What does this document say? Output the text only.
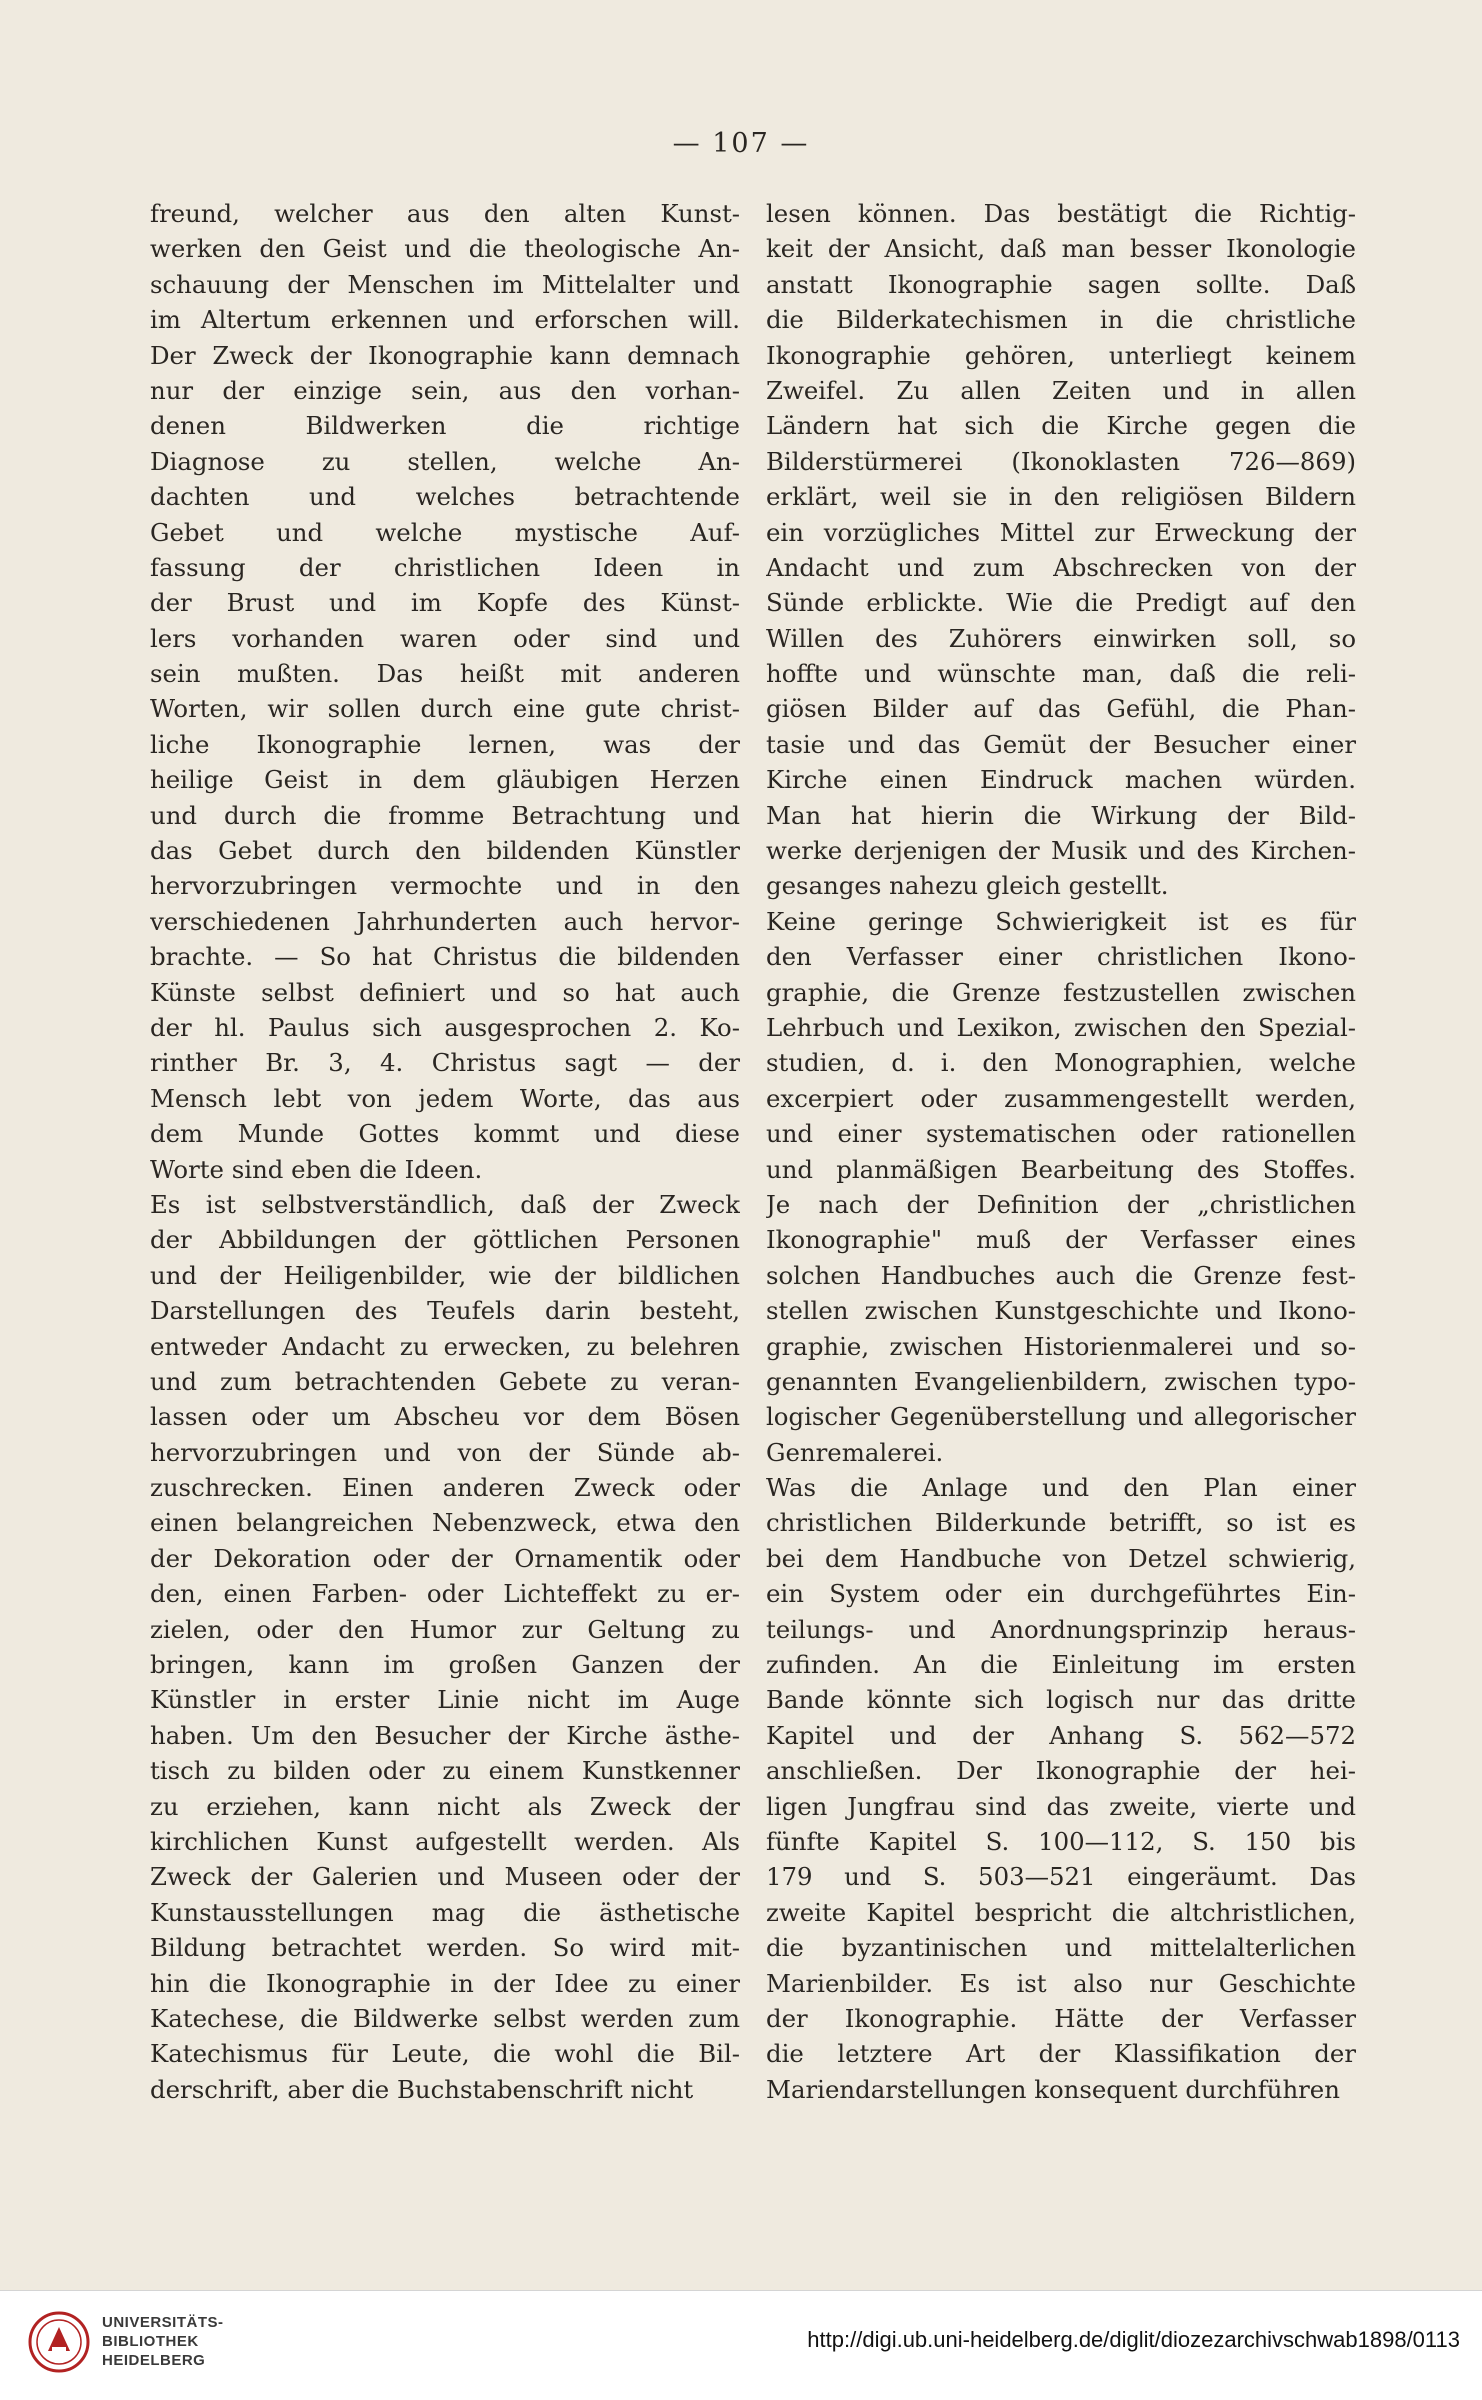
— 107 —
freund, welcher aus den alten Kunst-
werken den Geist und die theologische An-
schauung der Menschen im Mittelalter und
im Altertum erkennen und erforschen will.
Der Zweck der Ikonographie kann demnach
nur der einzige sein, aus den vorhan-
denen Bildwerken die richtige
Diagnose zu stellen, welche An-
dachten und welches betrachtende
Gebet und welche mystische Auf-
fassung der christlichen Ideen in
der Brust und im Kopfe des Künst-
lers vorhanden waren oder sind und
sein mußten. Das heißt mit anderen
Worten, wir sollen durch eine gute christ-
liche Ikonographie lernen, was der
heilige Geist in dem gläubigen Herzen
und durch die fromme Betrachtung und
das Gebet durch den bildenden Künstler
hervorzubringen vermochte und in den
verschiedenen Jahrhunderten auch hervor-
brachte. — So hat Christus die bildenden
Künste selbst definiert und so hat auch
der hl. Paulus sich ausgesprochen 2. Ko-
rinther Br. 3, 4. Christus sagt — der
Mensch lebt von jedem Worte, das aus
dem Munde Gottes kommt und diese
Worte sind eben die Ideen.
Es ist selbstverständlich, daß der Zweck
der Abbildungen der göttlichen Personen
und der Heiligenbilder, wie der bildlichen
Darstellungen des Teufels darin besteht,
entweder Andacht zu erwecken, zu belehren
und zum betrachtenden Gebete zu veran-
lassen oder um Abscheu vor dem Bösen
hervorzubringen und von der Sünde ab-
zuschrecken. Einen anderen Zweck oder
einen belangreichen Nebenzweck, etwa den
der Dekoration oder der Ornamentik oder
den, einen Farben- oder Lichteffekt zu er-
zielen, oder den Humor zur Geltung zu
bringen, kann im großen Ganzen der
Künstler in erster Linie nicht im Auge
haben. Um den Besucher der Kirche ästhe-
tisch zu bilden oder zu einem Kunstkenner
zu erziehen, kann nicht als Zweck der
kirchlichen Kunst aufgestellt werden. Als
Zweck der Galerien und Museen oder der
Kunstausstellungen mag die ästhetische
Bildung betrachtet werden. So wird mit-
hin die Ikonographie in der Idee zu einer
Katechese, die Bildwerke selbst werden zum
Katechismus für Leute, die wohl die Bil-
derschrift, aber die Buchstabenschrift nicht
lesen können. Das bestätigt die Richtig-
keit der Ansicht, daß man besser Ikonologie
anstatt Ikonographie sagen sollte. Daß
die Bilderkatechismen in die christliche
Ikonographie gehören, unterliegt keinem
Zweifel. Zu allen Zeiten und in allen
Ländern hat sich die Kirche gegen die
Bilderstürmerei (Ikonoklasten 726—869)
erklärt, weil sie in den religiösen Bildern
ein vorzügliches Mittel zur Erweckung der
Andacht und zum Abschrecken von der
Sünde erblickte. Wie die Predigt auf den
Willen des Zuhörers einwirken soll, so
hoffte und wünschte man, daß die reli-
giösen Bilder auf das Gefühl, die Phan-
tasie und das Gemüt der Besucher einer
Kirche einen Eindruck machen würden.
Man hat hierin die Wirkung der Bild-
werke derjenigen der Musik und des Kirchen-
gesanges nahezu gleich gestellt.
Keine geringe Schwierigkeit ist es für
den Verfasser einer christlichen Ikono-
graphie, die Grenze festzustellen zwischen
Lehrbuch und Lexikon, zwischen den Spezial-
studien, d. i. den Monographien, welche
excerpiert oder zusammengestellt werden,
und einer systematischen oder rationellen
und planmäßigen Bearbeitung des Stoffes.
Je nach der Definition der „christlichen
Ikonographie" muß der Verfasser eines
solchen Handbuches auch die Grenze fest-
stellen zwischen Kunstgeschichte und Ikono-
graphie, zwischen Historienmalerei und so-
genannten Evangelienbildern, zwischen typo-
logischer Gegenüberstellung und allegorischer
Genremalerei.
Was die Anlage und den Plan einer
christlichen Bilderkunde betrifft, so ist es
bei dem Handbuche von Detzel schwierig,
ein System oder ein durchgeführtes Ein-
teilungs- und Anordnungsprinzip heraus-
zufinden. An die Einleitung im ersten
Bande könnte sich logisch nur das dritte
Kapitel und der Anhang S. 562—572
anschließen. Der Ikonographie der hei-
ligen Jungfrau sind das zweite, vierte und
fünfte Kapitel S. 100—112, S. 150 bis
179 und S. 503—521 eingeräumt. Das
zweite Kapitel bespricht die altchristlichen,
die byzantinischen und mittelalterlichen
Marienbilder. Es ist also nur Geschichte
der Ikonographie. Hätte der Verfasser
die letztere Art der Klassifikation der
Mariendarstellungen konsequent durchführen
UNIVERSITÄTS-
BIBLIOTHEK
HEIDELBERG
http://digi.ub.uni-heidelberg.de/diglit/diozezarchivschwab1898/0113
